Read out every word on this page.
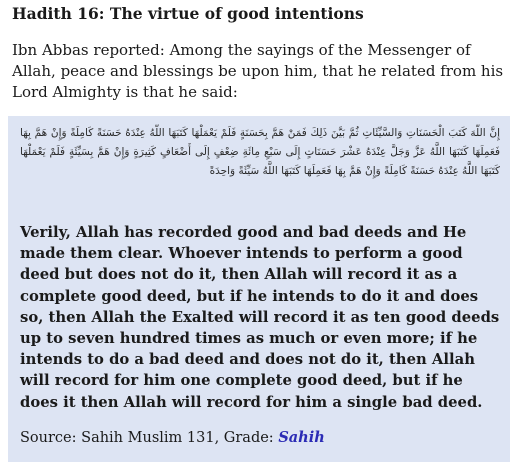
Hadith 16: The virtue of good intentions

Ibn Abbas reported: Among the sayings of the Messenger of Allah, peace and blessings be upon him, that he related from his Lord Almighty is that he said:

إِنَّ اللَّهَ كَتَبَ الْحَسَنَاتِ وَالسَّيِّئَاتِ ثُمَّ بَيَّنَ ذَلِكَ فَمَنْ هَمَّ بِحَسَنَةٍ فَلَمْ يَعْمَلْهَا كَتَبَهَا اللَّهُ عِنْدَهُ حَسَنَةً كَامِلَةً وَإِنْ هَمَّ بِهَا فَعَمِلَهَا كَتَبَهَا اللَّهُ عَزَّ وَجَلَّ عِنْدَهُ عَشْرَ حَسَنَاتٍ إِلَى سَبْعِ مِائَةِ ضِعْفٍ إِلَى أَضْعَافٍ كَثِيرَةٍ وَإِنْ هَمَّ بِسَيِّئَةٍ فَلَمْ يَعْمَلْهَا كَتَبَهَا اللَّهُ عِنْدَهُ حَسَنَةً كَامِلَةً وَإِنْ هَمَّ بِهَا فَعَمِلَهَا كَتَبَهَا اللَّهُ سَيِّئَةً وَاحِدَةً

Verily, Allah has recorded good and bad deeds and He made them clear. Whoever intends to perform a good deed but does not do it, then Allah will record it as a complete good deed, but if he intends to do it and does so, then Allah the Exalted will record it as ten good deeds up to seven hundred times as much or even more; if he intends to do a bad deed and does not do it, then Allah will record for him one complete good deed, but if he does it then Allah will record for him a single bad deed.

Source: Sahih Muslim 131, Grade: Sahih
